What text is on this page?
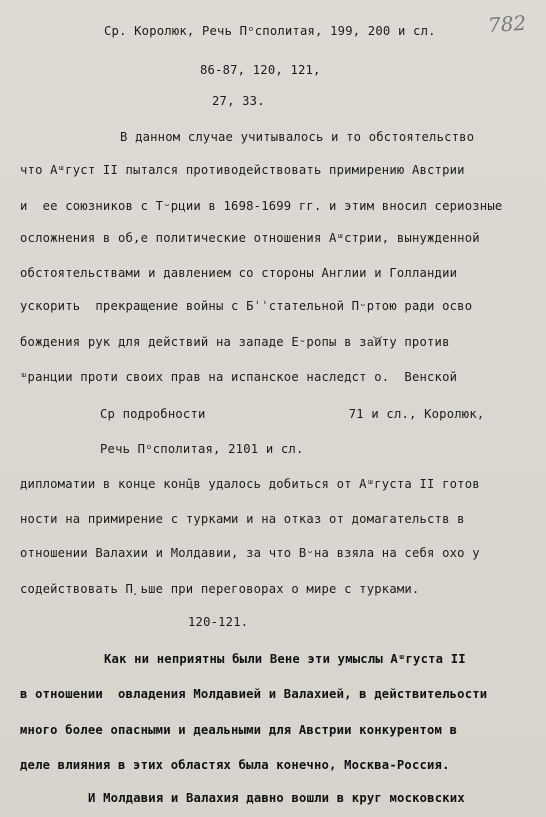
782
Ср. Королюк, Речь Пᵒсполитая, 199, 200 и сл.
86-87, 120, 121,
27, 33.
В данном случае учитывалось и то обстоятельство
что Аᵚгуст II пытался противодействовать примирению Австрии
и  ее союзников с Тᵕрции в 1698-1699 гг. и этим вносил сериозные
осложнения в об,е политические отношения Аᵚстрии, вынужденной
обстоятельствами и давлением со стороны Англии и Голландии
ускорить  прекращение войны с Бˈˈстательной Пᵕртою ради осво
бождения рук для действий на западе Еᵕропы в за͝иту против
ᵚранции проти своих прав на испанское наследст о.  Венской
Ср подробности                   71 и сл., Королюк,
Речь Пᵒсполитая, 2101 и сл.
дипломатии в конце конц̆в удалось добиться от Аᵚгуста II готов
ности на примирение с турками и на отказ от домагательств в
отношении Валахии и Молдавии, за что Вᵕна взяла на себя охо у
содействовать П˰ьше при переговорах о мире с турками.
120-121.
Как ни неприятны были Вене эти умыслы Аᵚгуста II
в отношении  овладения Молдавией и Валахией, в действительости
много более опасными и деальными для Австрии конкурентом в
деле влияния в этих областях была конечно, Москва-Россия.
И Молдавия и Валахия давно вошли в круг московских
